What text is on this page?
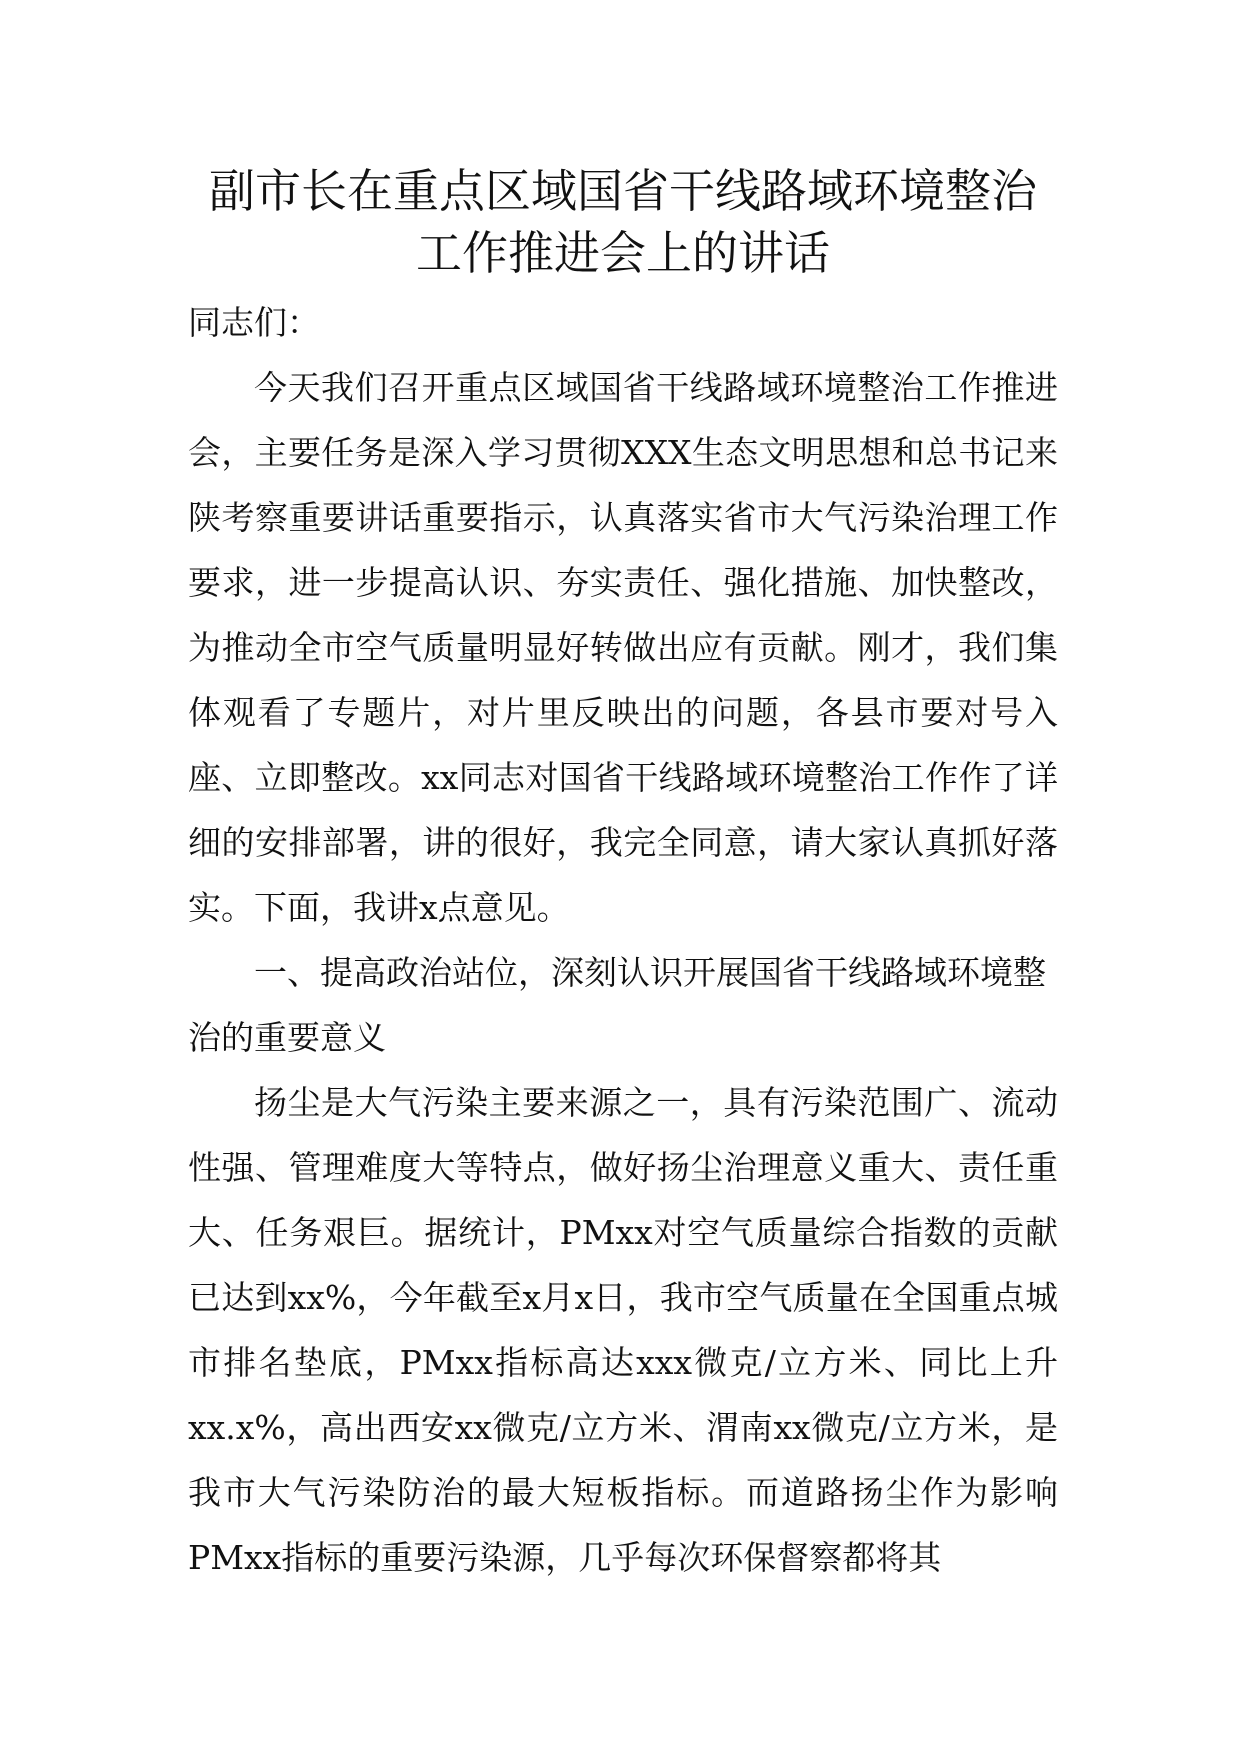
副市长在重点区域国省干线路域环境整治
工作推进会上的讲话

同志们：

今天我们召开重点区域国省干线路域环境整治工作推进会，主要任务是深入学习贯彻XXX生态文明思想和总书记来陕考察重要讲话重要指示，认真落实省市大气污染治理工作要求，进一步提高认识、夯实责任、强化措施、加快整改，为推动全市空气质量明显好转做出应有贡献。刚才，我们集体观看了专题片，对片里反映出的问题，各县市要对号入座、立即整改。xx同志对国省干线路域环境整治工作作了详细的安排部署，讲的很好，我完全同意，请大家认真抓好落实。下面，我讲x点意见。

一、提高政治站位，深刻认识开展国省干线路域环境整治的重要意义

扬尘是大气污染主要来源之一，具有污染范围广、流动性强、管理难度大等特点，做好扬尘治理意义重大、责任重大、任务艰巨。据统计，PMxx对空气质量综合指数的贡献已达到xx%，今年截至x月x日，我市空气质量在全国重点城市排名垫底，PMxx指标高达xxx微克/立方米、同比上升xx.x%，高出西安xx微克/立方米、渭南xx微克/立方米，是我市大气污染防治的最大短板指标。而道路扬尘作为影响PMxx指标的重要污染源，几乎每次环保督察都将其
